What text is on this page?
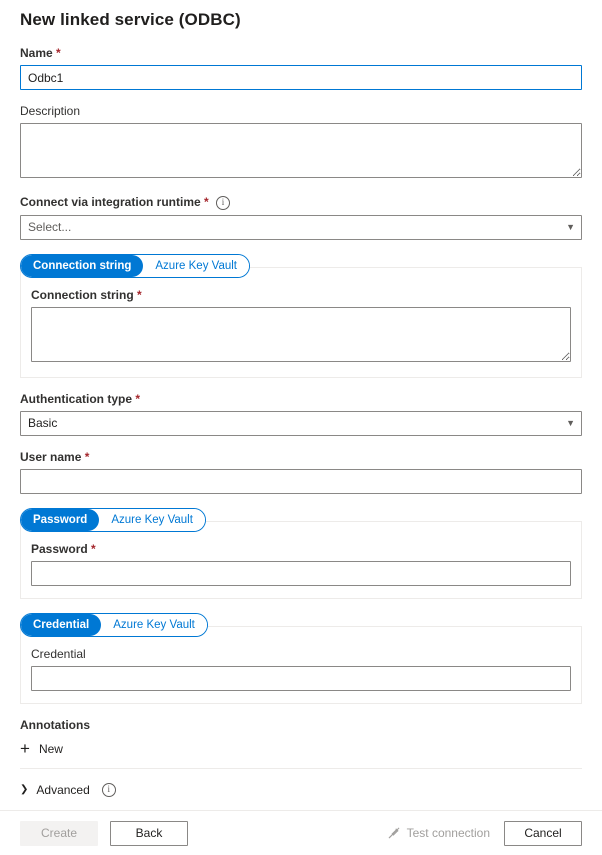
New linked service (ODBC)
Name *
Odbc1
Description
Connect via integration runtime * i
Select...	▼
Connection string	Azure Key Vault
Connection string *
Authentication type *
Basic	▼
User name *
Password	Azure Key Vault
Password *
Credential	Azure Key Vault
Credential
Annotations
+ New
❯ Advanced	i
Create	Back	Test connection	Cancel
